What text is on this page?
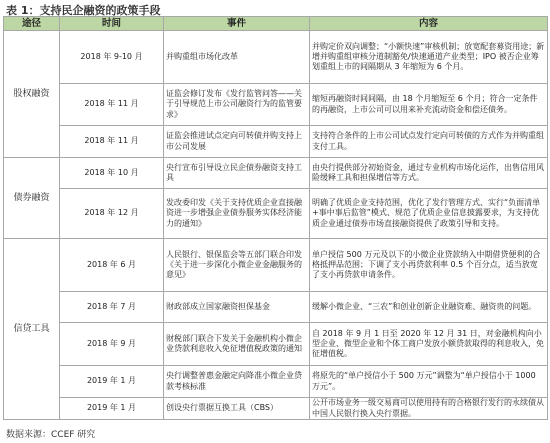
表 1：支持民企融资的政策手段
途径	时间	事件	内容
股权融资	2018 年 9-10 月	并购重组市场化改革	并购定价双向调整；“小额快速”审核机制；放宽配套募资用途；新增并购重组审核分道制豁免/快速通道产业类型；IPO 被否企业筹划重组上市的间隔期从 3 年缩短为 6 个月。
	2018 年 11 月	证监会修订发布《发行监管问答——关于引导规范上市公司融资行为的监管要求》	缩短再融资时间间隔，由 18 个月缩短至 6 个月；符合一定条件的再融资，上市公司可以用来补充流动资金和偿还债务。
	2018 年 11 月	证监会推进试点定向可转债并购支持上市公司发展	支持符合条件的上市公司试点发行定向可转债的方式作为并购重组支付工具。
债券融资	2018 年 10 月	央行宣布引导设立民企债券融资支持工具	由央行提供部分初始资金，通过专业机构市场化运作，出售信用风险缓释工具和担保增信等方式。
	2018 年 12 月	发改委印发《关于支持优质企业直接融资进一步增强企业债券服务实体经济能力的通知》	明确了优质企业支持范围，优化了发行管理方式、实行“负面清单+事中事后监管”模式、规范了优质企业信息披露要求，为支持优质企业通过债券市场直接融资提供了政策引导和支持。
信贷工具	2018 年 6 月	人民银行、银保监会等五部门联合印发《关于进一步深化小微企业金融服务的意见》	单户授信 500 万元及以下的小微企业贷款纳入中期借贷便利的合格抵押品范围；下调了支小再贷款利率 0.5 个百分点，适当放宽了支小再贷款申请条件。
	2018 年 7 月	财政部成立国家融资担保基金	缓解小微企业、“三农”和创业创新企业融资难、融资贵的问题。
	2018 年 9 月	财税部门联合下发关于金融机构小微企业贷款利息收入免征增值税政策的通知	自 2018 年 9 月 1 日至 2020 年 12 月 31 日，对金融机构向小型企业、微型企业和个体工商户发放小额贷款取得的利息收入，免征增值税。
	2019 年 1 月	央行调整普惠金融定向降准小微企业贷款考核标准	将原先的“单户授信小于 500 万元”调整为“单户授信小于 1000 万元”。
	2019 年 1 月	创设央行票据互换工具（CBS）	公开市场业务一级交易商可以使用持有的合格银行发行的永续债从中国人民银行换入央行票据。
数据来源：CCEF 研究
